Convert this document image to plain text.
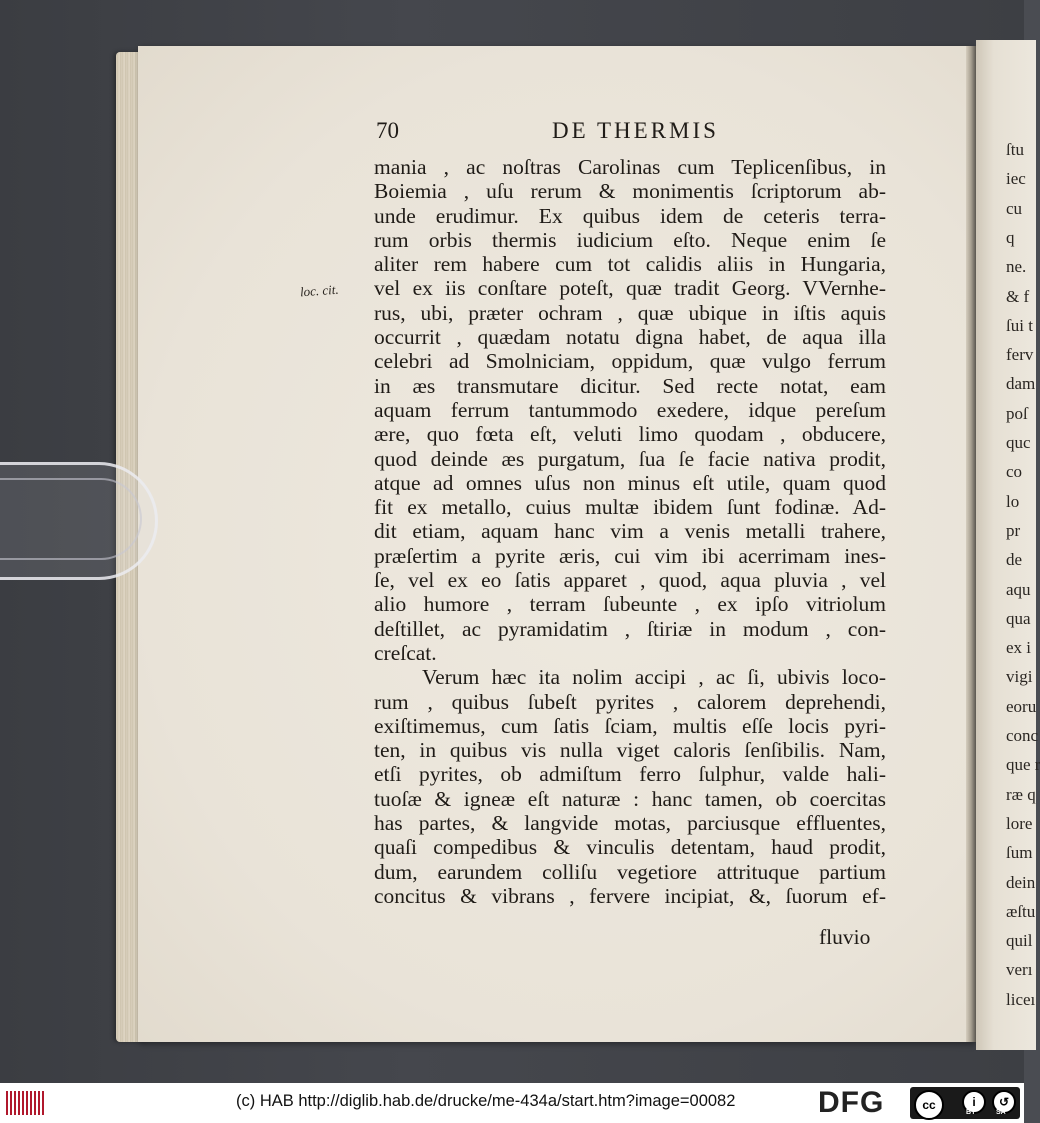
ſtu
iec
cu
q
ne.
& f
ſui t
ferv
dam
poſ
quc
co
lo
pr
de
aqu
qua
ex i
vigi
eoru
conc
que r
ræ q
lore
ſum
dein
æſtu
quil
verı
liceı
70	DE THERMIS
loc. cit.
mania , ac noſtras Carolinas cum Teplicenſibus, in
Boiemia , uſu rerum & monimentis ſcriptorum ab-
unde erudimur. Ex quibus idem de ceteris terra-
rum orbis thermis iudicium eſto. Neque enim ſe
aliter rem habere cum tot calidis aliis in Hungaria,
vel ex iis conſtare poteſt, quæ tradit Georg. VVernhe-
rus, ubi, præter ochram , quæ ubique in iſtis aquis
occurrit , quædam notatu digna habet, de aqua illa
celebri ad Smolniciam, oppidum, quæ vulgo ferrum
in æs transmutare dicitur. Sed recte notat, eam
aquam ferrum tantummodo exedere, idque pereſum
ære, quo fœta eſt, veluti limo quodam , obducere,
quod deinde æs purgatum, ſua ſe facie nativa prodit,
atque ad omnes uſus non minus eſt utile, quam quod
fit ex metallo, cuius multæ ibidem ſunt fodinæ. Ad-
dit etiam, aquam hanc vim a venis metalli trahere,
præſertim a pyrite æris, cui vim ibi acerrimam ines-
ſe, vel ex eo ſatis apparet , quod, aqua pluvia , vel
alio humore , terram ſubeunte , ex ipſo vitriolum
deſtillet, ac pyramidatim , ſtiriæ in modum , con-
creſcat.
Verum hæc ita nolim accipi , ac ſi, ubivis loco-
rum , quibus ſubeſt pyrites , calorem deprehendi,
exiſtimemus, cum ſatis ſciam, multis eſſe locis pyri-
ten, in quibus vis nulla viget caloris ſenſibilis. Nam,
etſi pyrites, ob admiſtum ferro ſulphur, valde hali-
tuoſæ & igneæ eſt naturæ : hanc tamen, ob coercitas
has partes, & langvide motas, parciusque effluentes,
quaſi compedibus & vinculis detentam, haud prodit,
dum, earundem colliſu vegetiore attrituque partium
concitus & vibrans , fervere incipiat, &, ſuorum ef-
fluvio
(c) HAB http://diglib.hab.de/drucke/me-434a/start.htm?image=00082	DFG	cc	i	↺
BY	SA
